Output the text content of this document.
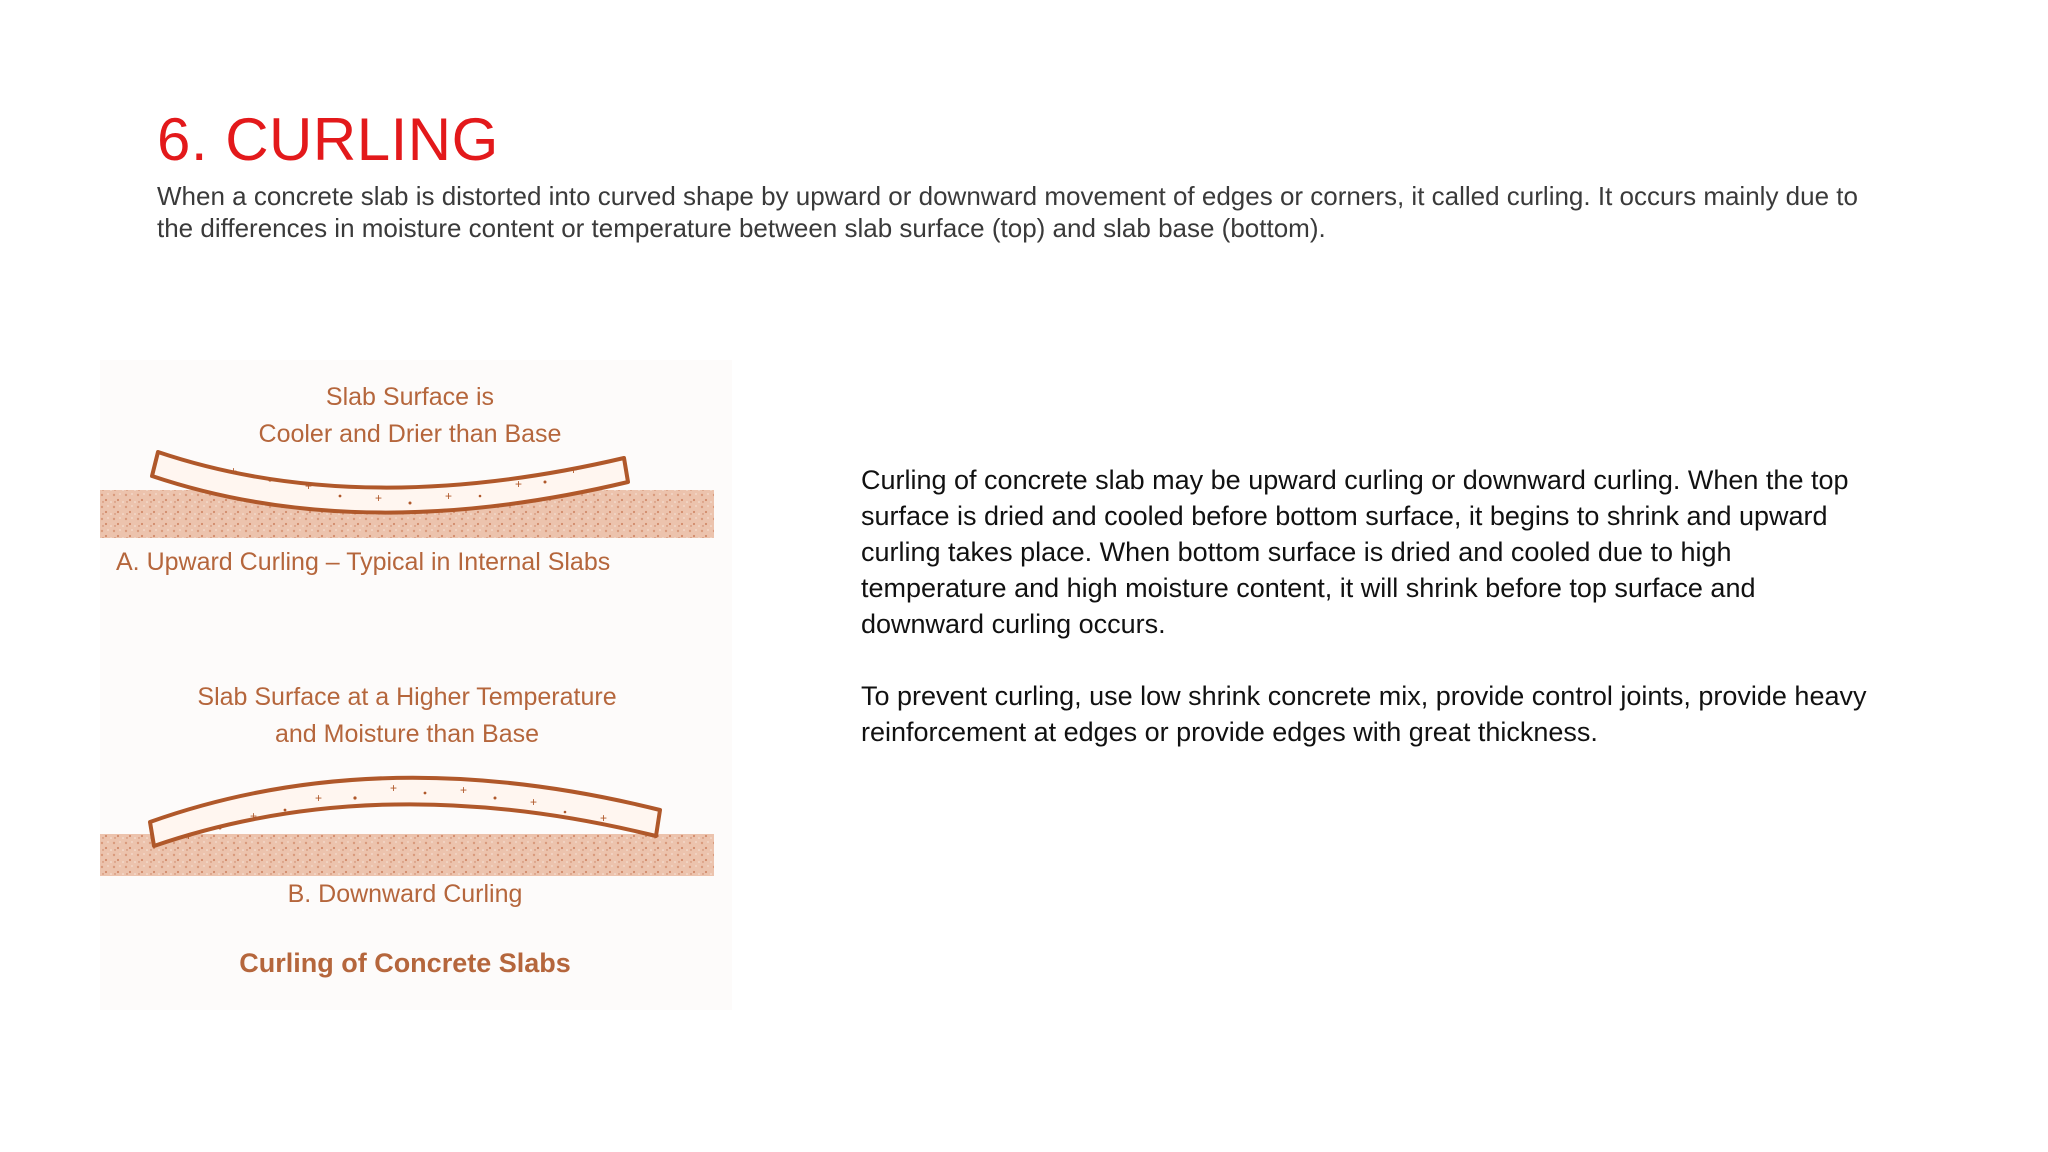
6. CURLING

When a concrete slab is distorted into curved shape by upward or downward movement of edges or corners, it called curling. It occurs mainly due to the differences in moisture content or temperature between slab surface (top) and slab base (bottom).

Slab Surface is
Cooler and Drier than Base
+
+
+	+
+
+
A. Upward Curling – Typical in Internal Slabs
Slab Surface at a Higher Temperature
and Moisture than Base
+
+
+
+	+
+
+
B. Downward Curling
Curling of Concrete Slabs

Curling of concrete slab may be upward curling or downward curling. When the top surface is dried and cooled before bottom surface, it begins to shrink and upward curling takes place. When bottom surface is dried and cooled due to high temperature and high moisture content, it will shrink before top surface and downward curling occurs.

To prevent curling, use low shrink concrete mix, provide control joints, provide heavy reinforcement at edges or provide edges with great thickness.
